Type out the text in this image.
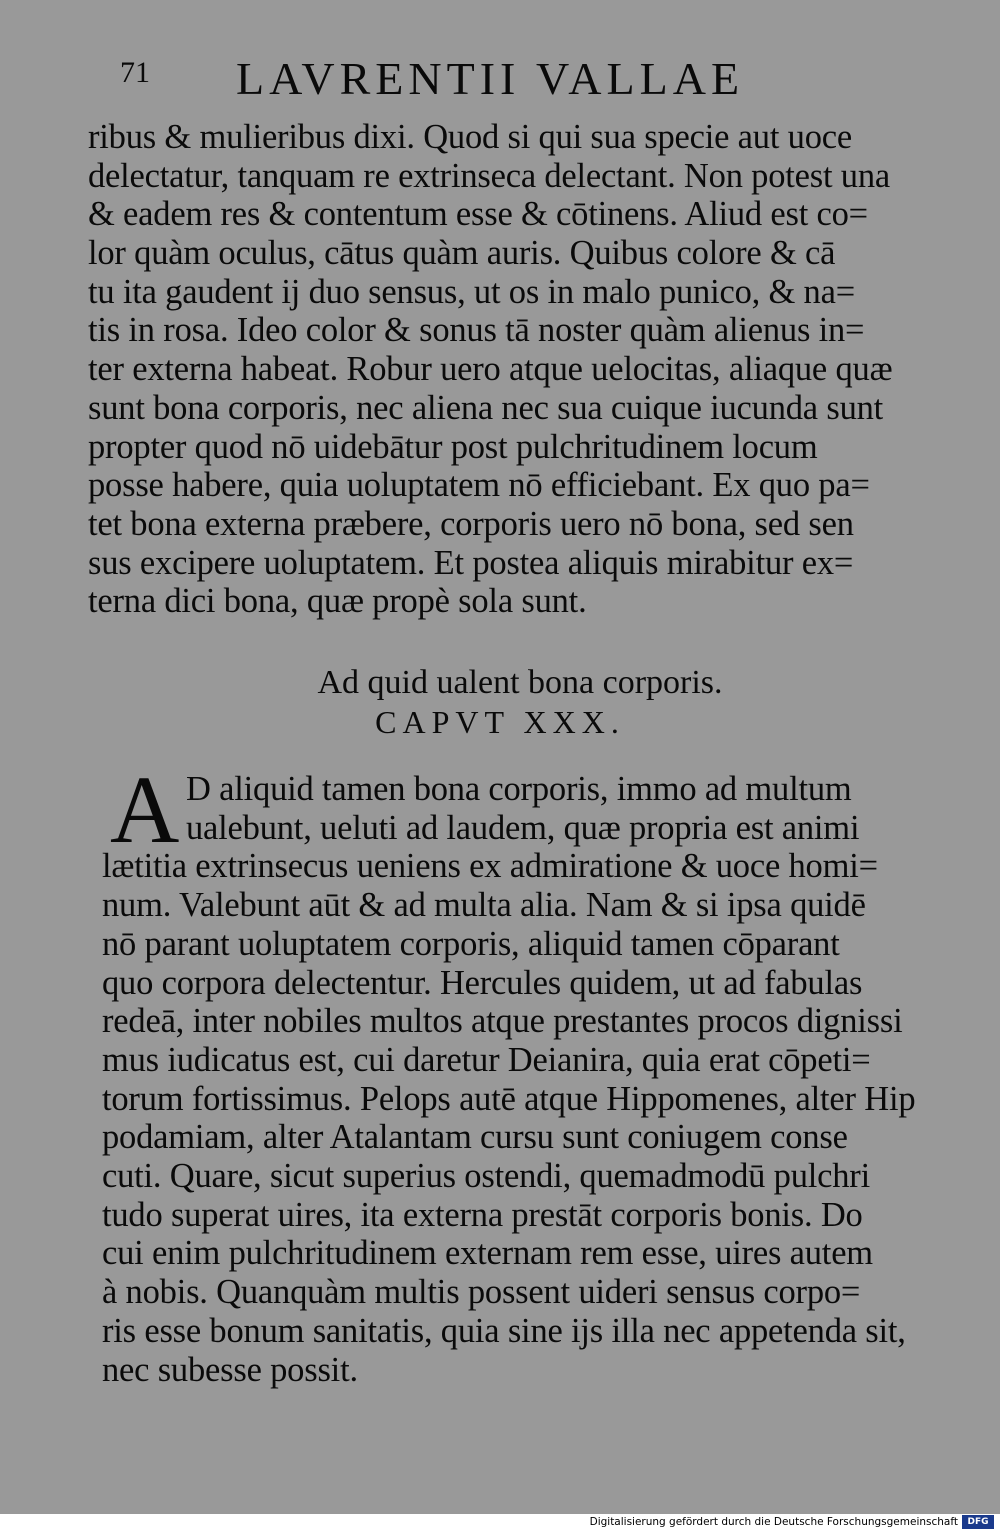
71 LAVRENTII VALLAE
ribus & mulieribus dixi. Quod si qui sua specie aut uoce
delectatur, tanquam re extrinseca delectant. Non potest una
& eadem res & contentum esse & cōtinens. Aliud est co=
lor quàm oculus, cātus quàm auris. Quibus colore & cā
tu ita gaudent ij duo sensus, ut os in malo punico, & na=
tis in rosa. Ideo color & sonus tā noster quàm alienus in=
ter externa habeat. Robur uero atque uelocitas, aliaque quæ
sunt bona corporis, nec aliena nec sua cuique iucunda sunt
propter quod nō uidebātur post pulchritudinem locum
posse habere, quia uoluptatem nō efficiebant. Ex quo pa=
tet bona externa præbere, corporis uero nō bona, sed sen
sus excipere uoluptatem. Et postea aliquis mirabitur ex=
terna dici bona, quæ propè sola sunt.
Ad quid ualent bona corporis.
CAPVT XXX.
A D aliquid tamen bona corporis, immo ad multum
ualebunt, ueluti ad laudem, quæ propria est animi
lætitia extrinsecus ueniens ex admiratione & uoce homi=
num. Valebunt aūt & ad multa alia. Nam & si ipsa quidē
nō parant uoluptatem corporis, aliquid tamen cōparant
quo corpora delectentur. Hercules quidem, ut ad fabulas
redeā, inter nobiles multos atque prestantes procos dignissi
mus iudicatus est, cui daretur Deianira, quia erat cōpeti=
torum fortissimus. Pelops autē atque Hippomenes, alter Hip
podamiam, alter Atalantam cursu sunt coniugem conse
cuti. Quare, sicut superius ostendi, quemadmodū pulchri
tudo superat uires, ita externa prestāt corporis bonis. Do
cui enim pulchritudinem externam rem esse, uires autem
à nobis. Quanquàm multis possent uideri sensus corpo=
ris esse bonum sanitatis, quia sine ijs illa nec appetenda sit,
nec subesse possit.
Digitalisierung gefördert durch die Deutsche Forschungsgemeinschaft	DFG
